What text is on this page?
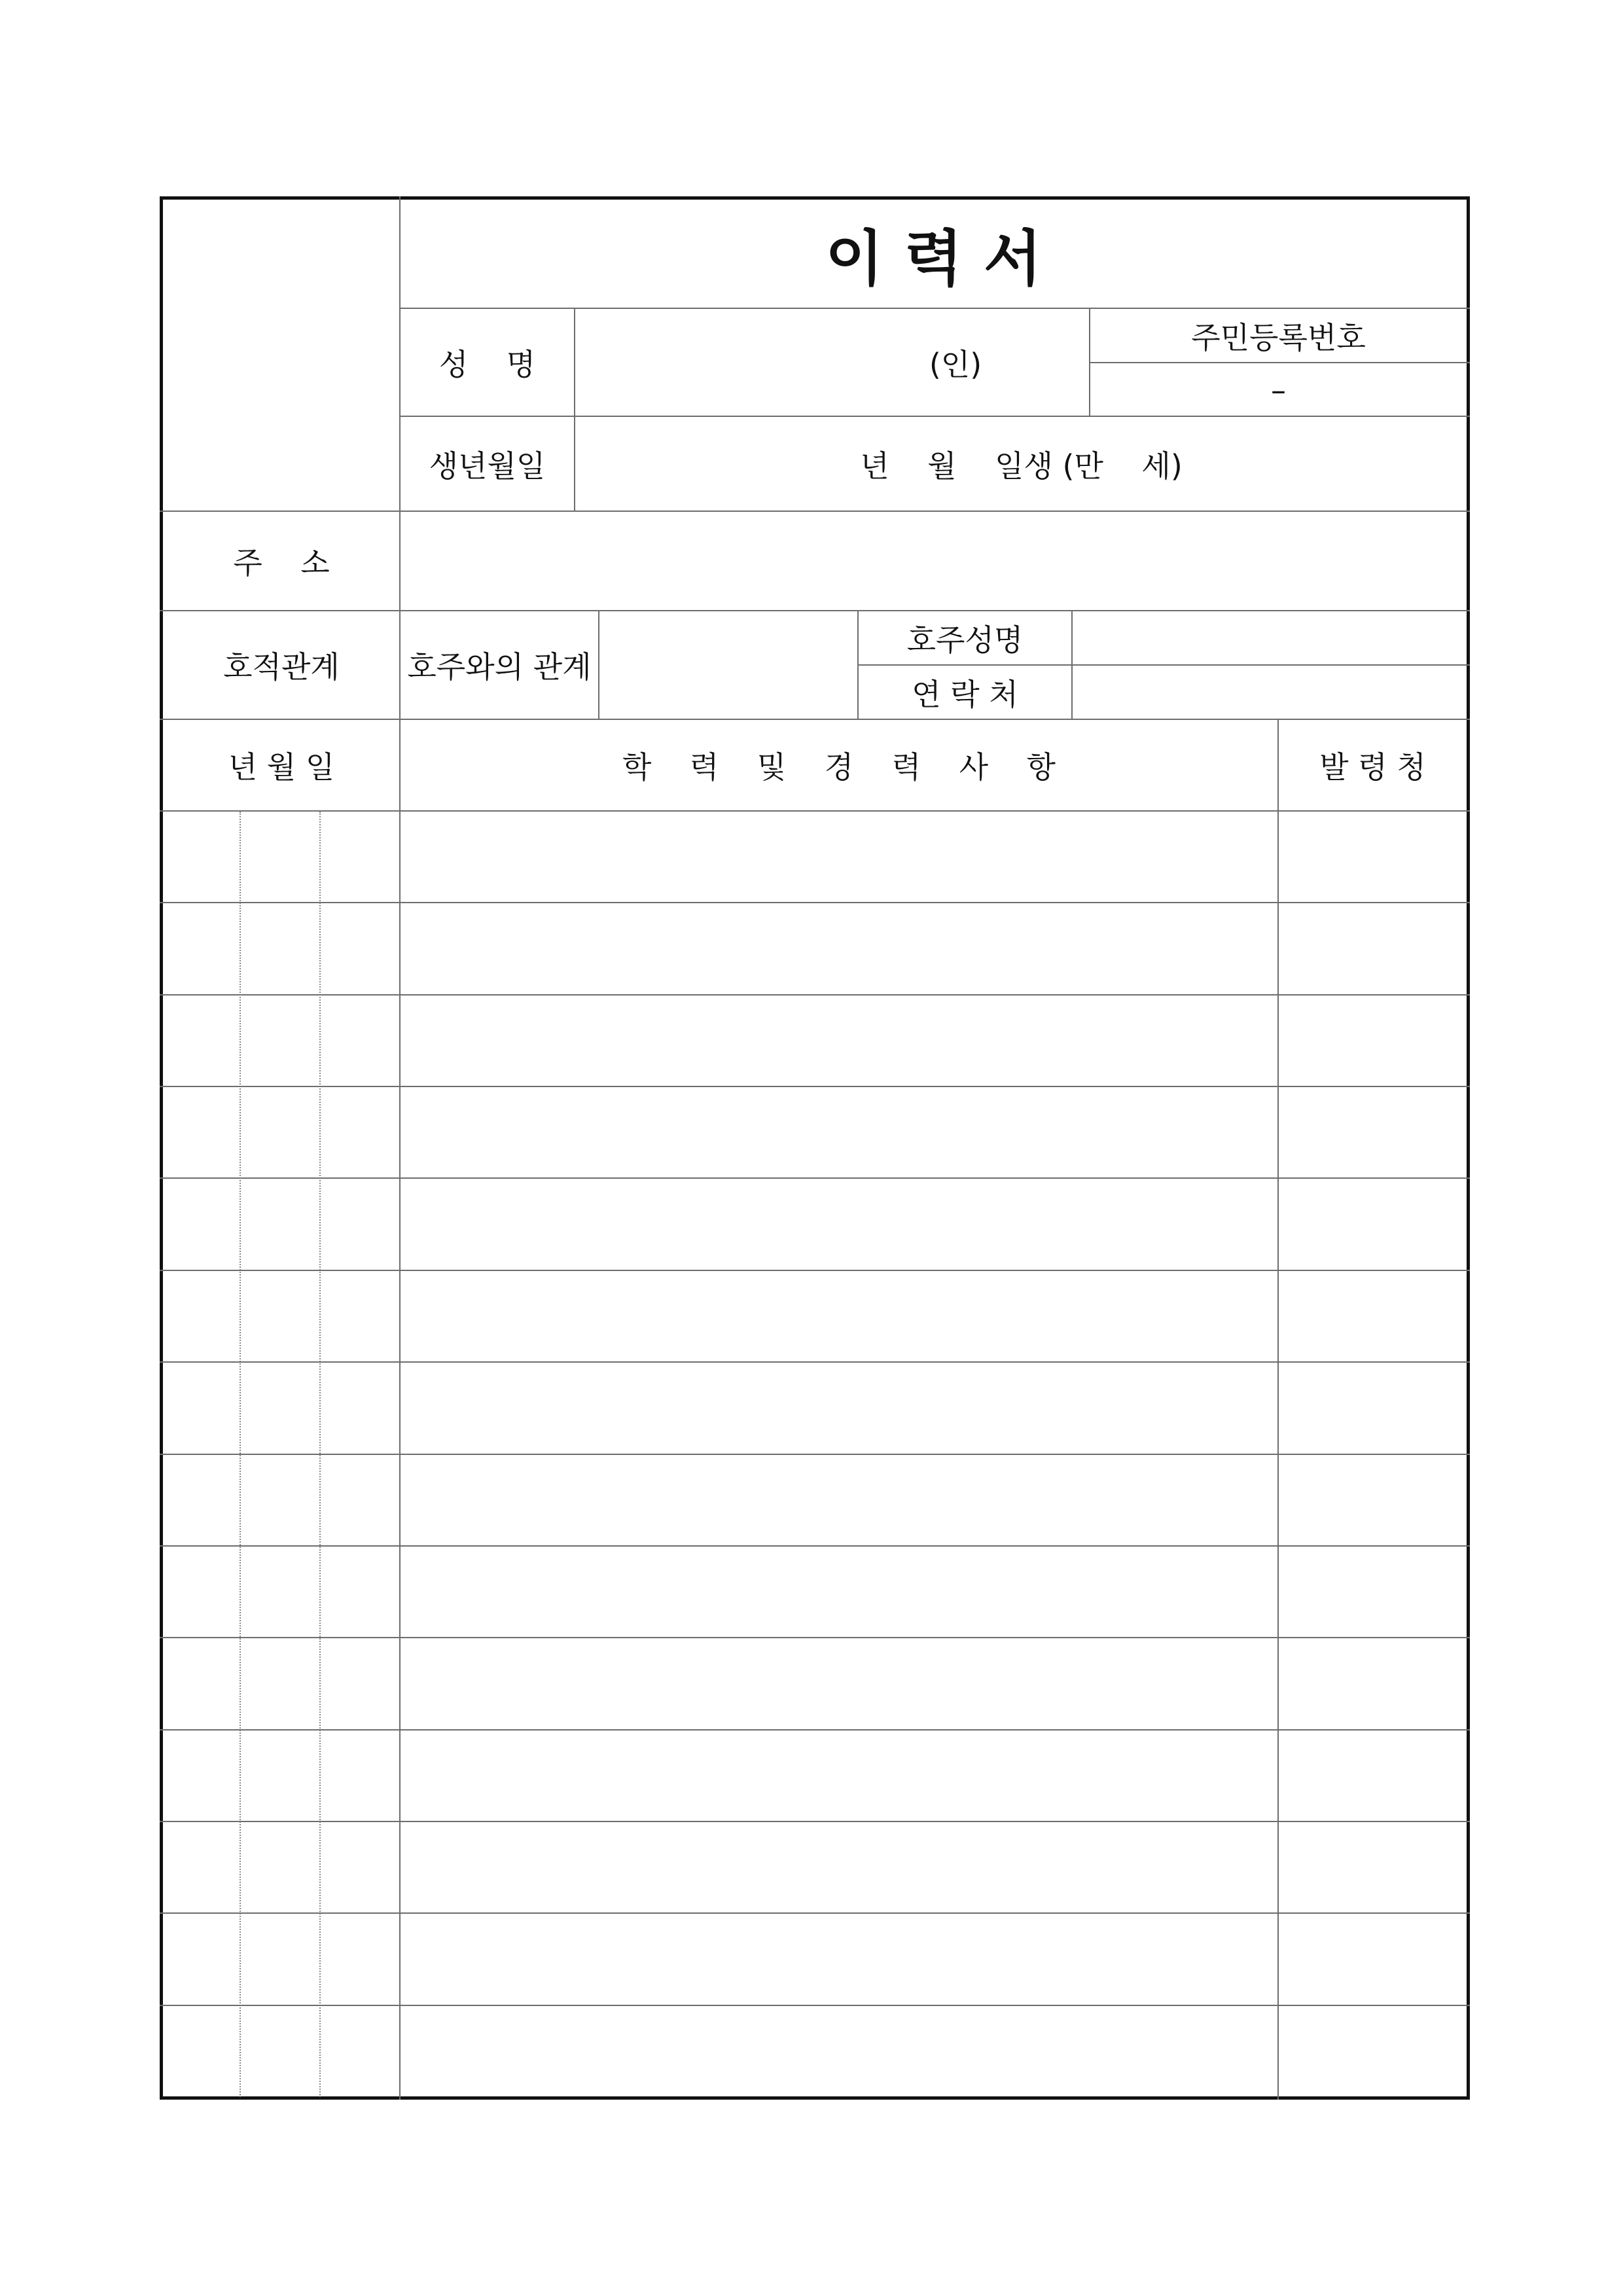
이 력 서
성    명	(인)
주민등록번호
–
생년월일	년    월    일생 (만    세)
주    소
호적관계	호주와의 관계
호주성명
연 락 처
년 월 일	학    력    및    경    력    사    항	발 령 청
